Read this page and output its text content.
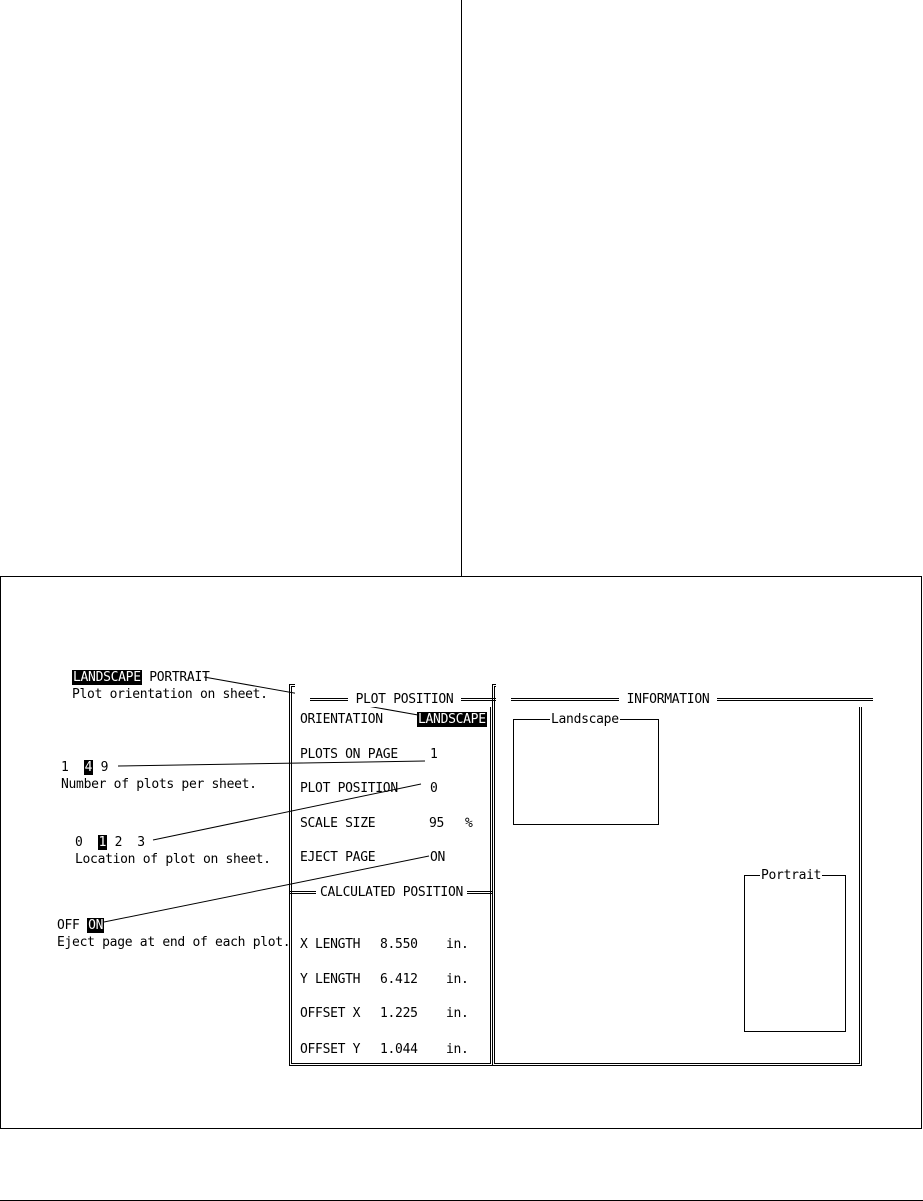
LANDSCAPE PORTRAIT
Plot orientation on sheet.
1 4 9
Number of plots per sheet.
0 1 2 3
Location of plot on sheet.
OFF ON
Eject page at end of each plot.

PLOT POSITION

ORIENTATION	LANDSCAPE
PLOTS ON PAGE 1
PLOT POSITION 0
SCALE SIZE	95 %
EJECT PAGE	ON
CALCULATED POSITION
X LENGTH 8.550 in.
Y LENGTH 6.412 in.
OFFSET X 1.225 in.
OFFSET Y 1.044 in.

INFORMATION

Landscape
Portrait
